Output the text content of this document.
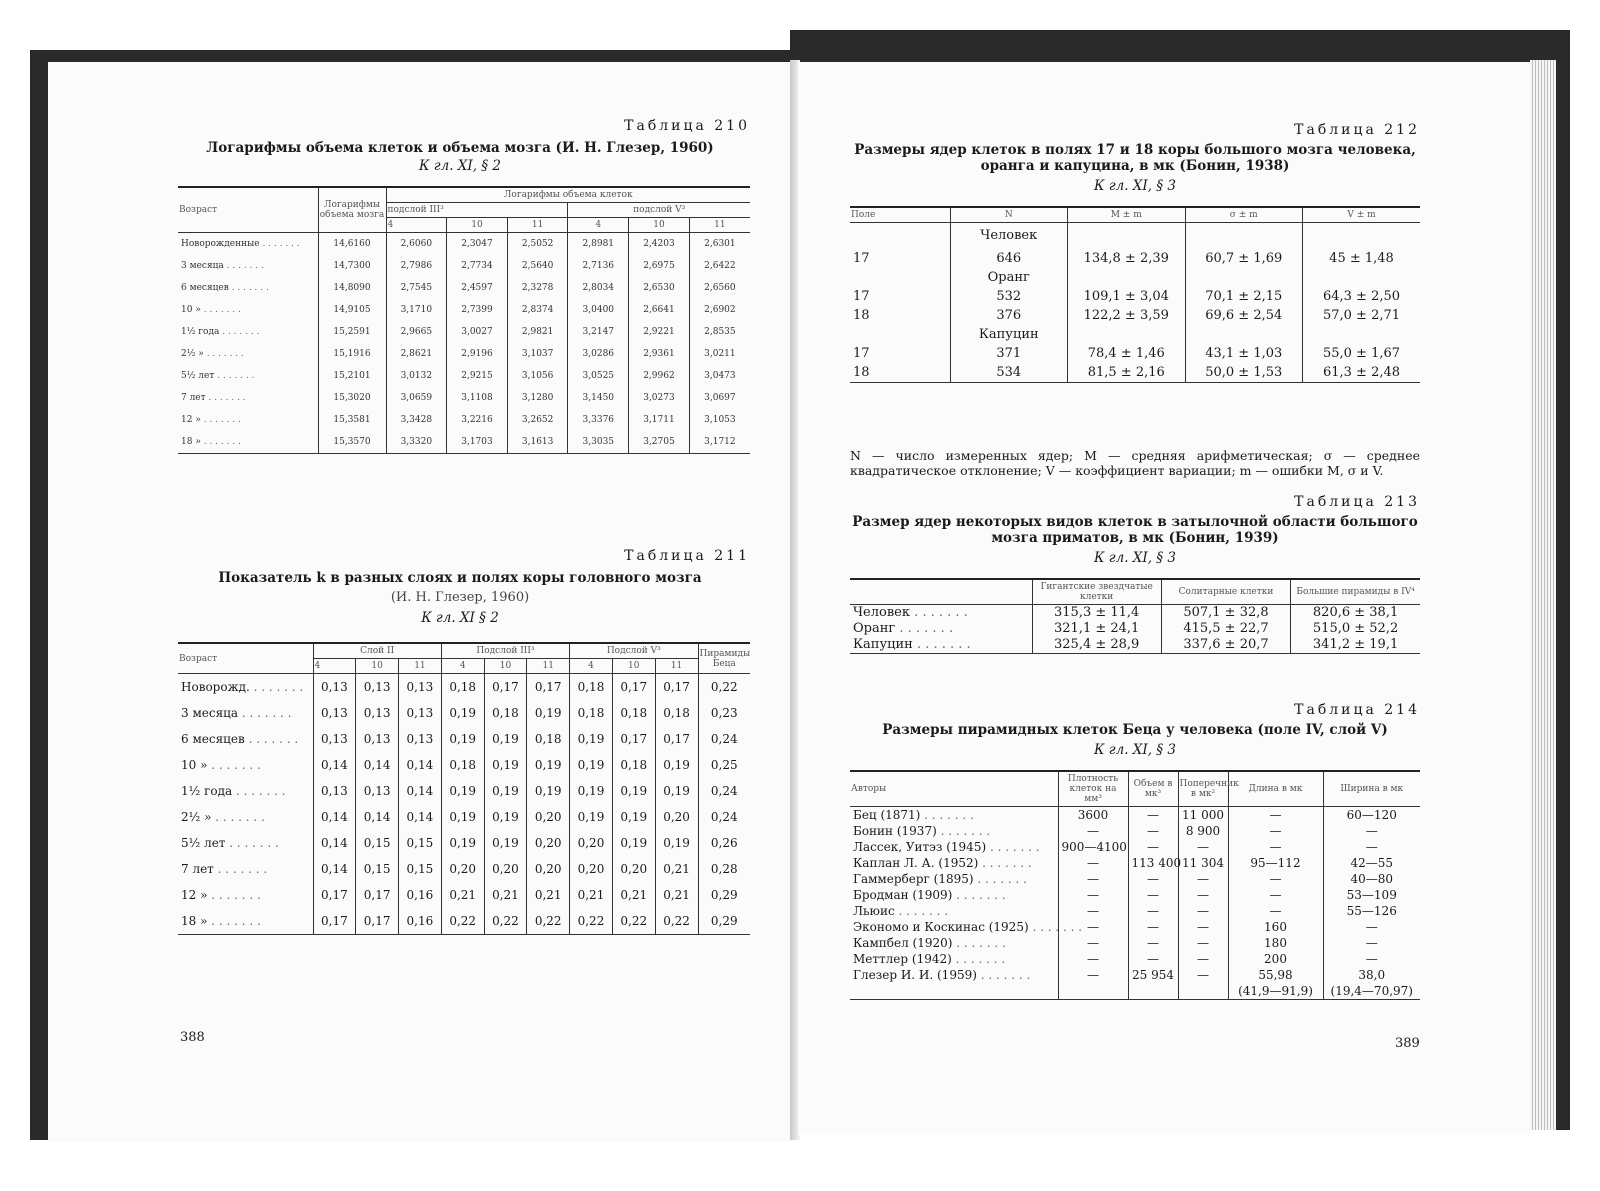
Таблица 210
Логарифмы объема клеток и объема мозга (И. Н. Глезер, 1960)
К гл. XI, § 2
Возраст	Логарифмы объема мозга	Логарифмы объема клеток					
		подслой III³			подслой V³		
		4	10	11	4	10	11
Новорожденные . . .	14,6160	2,6060	2,3047	2,5052	2,8981	2,4203	2,6301
3 месяца . . .	14,7300	2,7986	2,7734	2,5640	2,7136	2,6975	2,6422
6 месяцев . . .	14,8090	2,7545	2,4597	2,3278	2,8034	2,6530	2,6560
10 » . . .	14,9105	3,1710	2,7399	2,8374	3,0400	2,6641	2,6902
1½ года . . .	15,2591	2,9665	3,0027	2,9821	3,2147	2,9221	2,8535
2½ » . . .	15,1916	2,8621	2,9196	3,1037	3,0286	2,9361	3,0211
5½ лет . . .	15,2101	3,0132	2,9215	3,1056	3,0525	2,9962	3,0473
7 лет . . .	15,3020	3,0659	3,1108	3,1280	3,1450	3,0273	3,0697
12 » . . .	15,3581	3,3428	3,2216	3,2652	3,3376	3,1711	3,1053
18 » . . .	15,3570	3,3320	3,1703	3,1613	3,3035	3,2705	3,1712
Таблица 211
Показатель k в разных слоях и полях коры головного мозга
(И. Н. Глезер, 1960)
К гл. XI § 2
Возраст	Слой II			Подслой III³			Подслой V³			Пирамиды Беца
	4	10	11	4	10	11	4	10	11	
Новорожд. . . .	0,13	0,13	0,13	0,18	0,17	0,17	0,18	0,17	0,17	0,22
3 месяца . . .	0,13	0,13	0,13	0,19	0,18	0,19	0,18	0,18	0,18	0,23
6 месяцев . . .	0,13	0,13	0,13	0,19	0,19	0,18	0,19	0,17	0,17	0,24
10 » . . .	0,14	0,14	0,14	0,18	0,19	0,19	0,19	0,18	0,19	0,25
1½ года . . .	0,13	0,13	0,14	0,19	0,19	0,19	0,19	0,19	0,19	0,24
2½ » . . .	0,14	0,14	0,14	0,19	0,19	0,20	0,19	0,19	0,20	0,24
5½ лет . . .	0,14	0,15	0,15	0,19	0,19	0,20	0,20	0,19	0,19	0,26
7 лет . . .	0,14	0,15	0,15	0,20	0,20	0,20	0,20	0,20	0,21	0,28
12 » . . .	0,17	0,17	0,16	0,21	0,21	0,21	0,21	0,21	0,21	0,29
18 » . . .	0,17	0,17	0,16	0,22	0,22	0,22	0,22	0,22	0,22	0,29
388
Таблица 212
Размеры ядер клеток в полях 17 и 18 коры большого мозга человека,
оранга и капуцина, в мк (Бонин, 1938)
К гл. XI, § 3
Поле	N	M ± m	σ ± m	V ± m
	Человек			
17	646	134,8 ± 2,39	60,7 ± 1,69	45 ± 1,48
	Оранг			
17	532	109,1 ± 3,04	70,1 ± 2,15	64,3 ± 2,50
18	376	122,2 ± 3,59	69,6 ± 2,54	57,0 ± 2,71
	Капуцин			
17	371	78,4 ± 1,46	43,1 ± 1,03	55,0 ± 1,67
18	534	81,5 ± 2,16	50,0 ± 1,53	61,3 ± 2,48
N — число измеренных ядер; M — средняя арифметическая; σ — среднее квадратическое отклонение; V — коэффициент вариации; m — ошибки M, σ и V.
Таблица 213
Размер ядер некоторых видов клеток в затылочной области большого
мозга приматов, в мк (Бонин, 1939)
К гл. XI, § 3
	Гигантские звездчатые клетки	Солитарные клетки	Большие пирамиды в IV⁴
Человек . . .	315,3 ± 11,4	507,1 ± 32,8	820,6 ± 38,1
Оранг . . .	321,1 ± 24,1	415,5 ± 22,7	515,0 ± 52,2
Капуцин . . .	325,4 ± 28,9	337,6 ± 20,7	341,2 ± 19,1
Таблица 214
Размеры пирамидных клеток Беца у человека (поле IV, слой V)
К гл. XI, § 3
Авторы	Плотность клеток на мм³	Объем в мк³	Поперечник в мк²	Длина в мк	Ширина в мк
Бец (1871) . . .	3600	—	11 000	—	60—120
Бонин (1937) . . .	—	—	8 900	—	—
Лассек, Уитэз (1945) . . .	900—4100	—	—	—	—
Каплан Л. А. (1952) . . .	—	113 400	11 304	95—112	42—55
Гаммерберг (1895) . . .	—	—	—	—	40—80
Бродман (1909) . . .	—	—	—	—	53—109
Льюис . . .	—	—	—	—	55—126
Экономо и Коскинас (1925) . . .	—	—	—	160	—
Кампбел (1920) . . .	—	—	—	180	—
Меттлер (1942) . . .	—	—	—	200	—
Глезер И. И. (1959) . . .	—	25 954	—	55,98	38,0
				(41,9—91,9)	(19,4—70,97)
389
